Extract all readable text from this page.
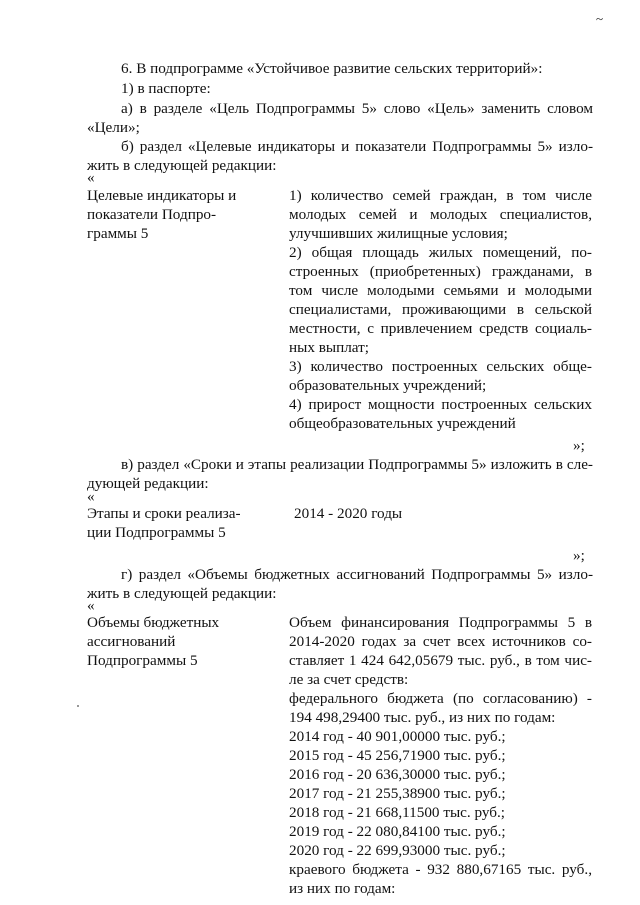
~
6. В подпрограмме «Устойчивое развитие сельских территорий»:
1) в паспорте:
а) в разделе «Цель Подпрограммы 5» слово «Цель» заменить словом
«Цели»;
б) раздел «Целевые индикаторы и показатели Подпрограммы 5» изло-
жить в следующей редакции:
«
Целевые индикаторы и
показатели Подпро-
граммы 5
1) количество семей граждан, в том числе
молодых семей и молодых специалистов,
улучшивших жилищные условия;
2) общая площадь жилых помещений, по-
строенных (приобретенных) гражданами, в
том числе молодыми семьями и молодыми
специалистами, проживающими в сельской
местности, с привлечением средств социаль-
ных выплат;
3) количество построенных сельских обще-
образовательных учреждений;
4) прирост мощности построенных сельских
общеобразовательных учреждений
»;
в) раздел «Сроки и этапы реализации Подпрограммы 5» изложить в сле-
дующей редакции:
«
Этапы и сроки реализа-
ции Подпрограммы 5
2014 - 2020 годы
»;
г) раздел «Объемы бюджетных ассигнований Подпрограммы 5» изло-
жить в следующей редакции:
«
Объемы бюджетных
ассигнований
Подпрограммы 5
Объем финансирования Подпрограммы 5 в
2014-2020 годах за счет всех источников со-
ставляет 1 424 642,05679 тыс. руб., в том чис-
ле за счет средств:
федерального бюджета (по согласованию) -
194 498,29400 тыс. руб., из них по годам:
2014 год - 40 901,00000 тыс. руб.;
2015 год - 45 256,71900 тыс. руб.;
2016 год - 20 636,30000 тыс. руб.;
2017 год - 21 255,38900 тыс. руб.;
2018 год - 21 668,11500 тыс. руб.;
2019 год - 22 080,84100 тыс. руб.;
2020 год - 22 699,93000 тыс. руб.;
краевого бюджета - 932 880,67165 тыс. руб.,
из них по годам:
